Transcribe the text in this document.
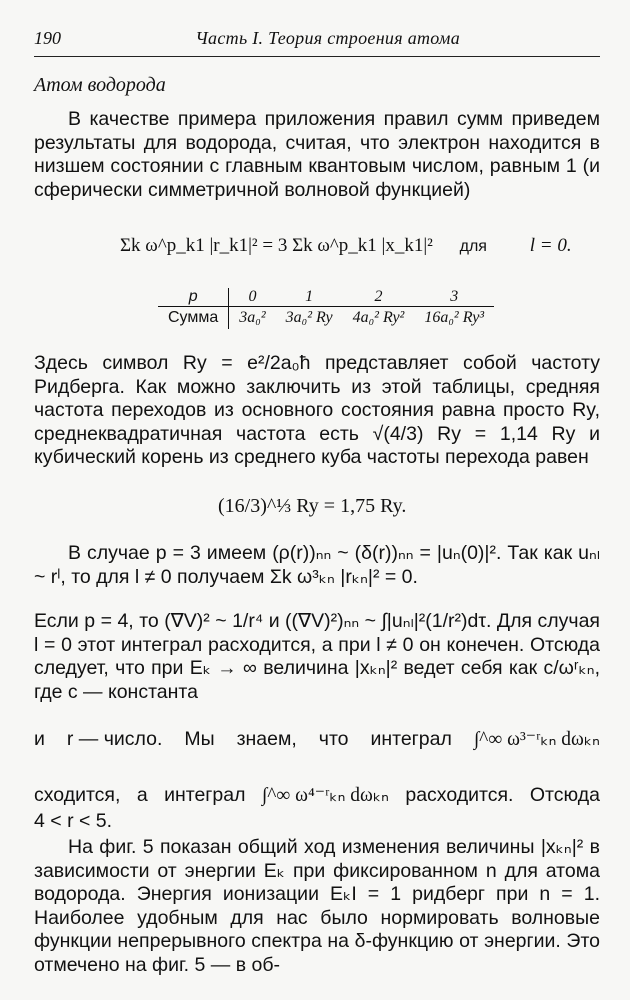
190	Часть I. Теория строения атома
Атом водорода
В качестве примера приложения правил сумм приведем результаты для водорода, считая, что электрон находится в низшем состоянии с главным квантовым числом, равным 1 (и сферически симметричной волновой функцией)
Σk ω^p_k1 |r_k1|² = 3 Σk ω^p_k1 |x_k1|² для l = 0.
p	0	1	2	3
Сумма	3a₀²	3a₀² Ry	4a₀² Ry²	16a₀² Ry³
Здесь символ Ry = e²/2a₀ħ представляет собой частоту Ридберга. Как можно заключить из этой таблицы, средняя частота переходов из основного состояния равна просто Ry, среднеквадратичная частота есть √(4/3) Ry = 1,14 Ry и кубический корень из среднего куба частоты перехода равен
(16/3)^⅓ Ry = 1,75 Ry.
В случае p = 3 имеем (ρ(r))ₙₙ ~ (δ(r))ₙₙ = |uₙ(0)|². Так как uₙₗ ~ rˡ, то для l ≠ 0 получаем Σk ω³ₖₙ |rₖₙ|² = 0.
Если p = 4, то (∇V)² ~ 1/r⁴ и ((∇V)²)ₙₙ ~ ∫|uₙₗ|²(1/r²)dτ. Для случая l = 0 этот интеграл расходится, а при l ≠ 0 он конечен. Отсюда следует, что при Eₖ → ∞ величина |xₖₙ|² ведет себя как c/ωʳₖₙ, где c — константа
и r — число. Мы знаем, что интеграл ∫^∞ ω³⁻ʳₖₙ dωₖₙ
сходится, а интеграл ∫^∞ ω⁴⁻ʳₖₙ dωₖₙ расходится. Отсюда
4 < r < 5.
На фиг. 5 показан общий ход изменения величины |xₖₙ|² в зависимости от энергии Eₖ при фиксированном n для атома водорода. Энергия ионизации EₖI = 1 ридберг при n = 1. Наиболее удобным для нас было нормировать волновые функции непрерывного спектра на δ-функцию от энергии. Это отмечено на фиг. 5 — в об-
